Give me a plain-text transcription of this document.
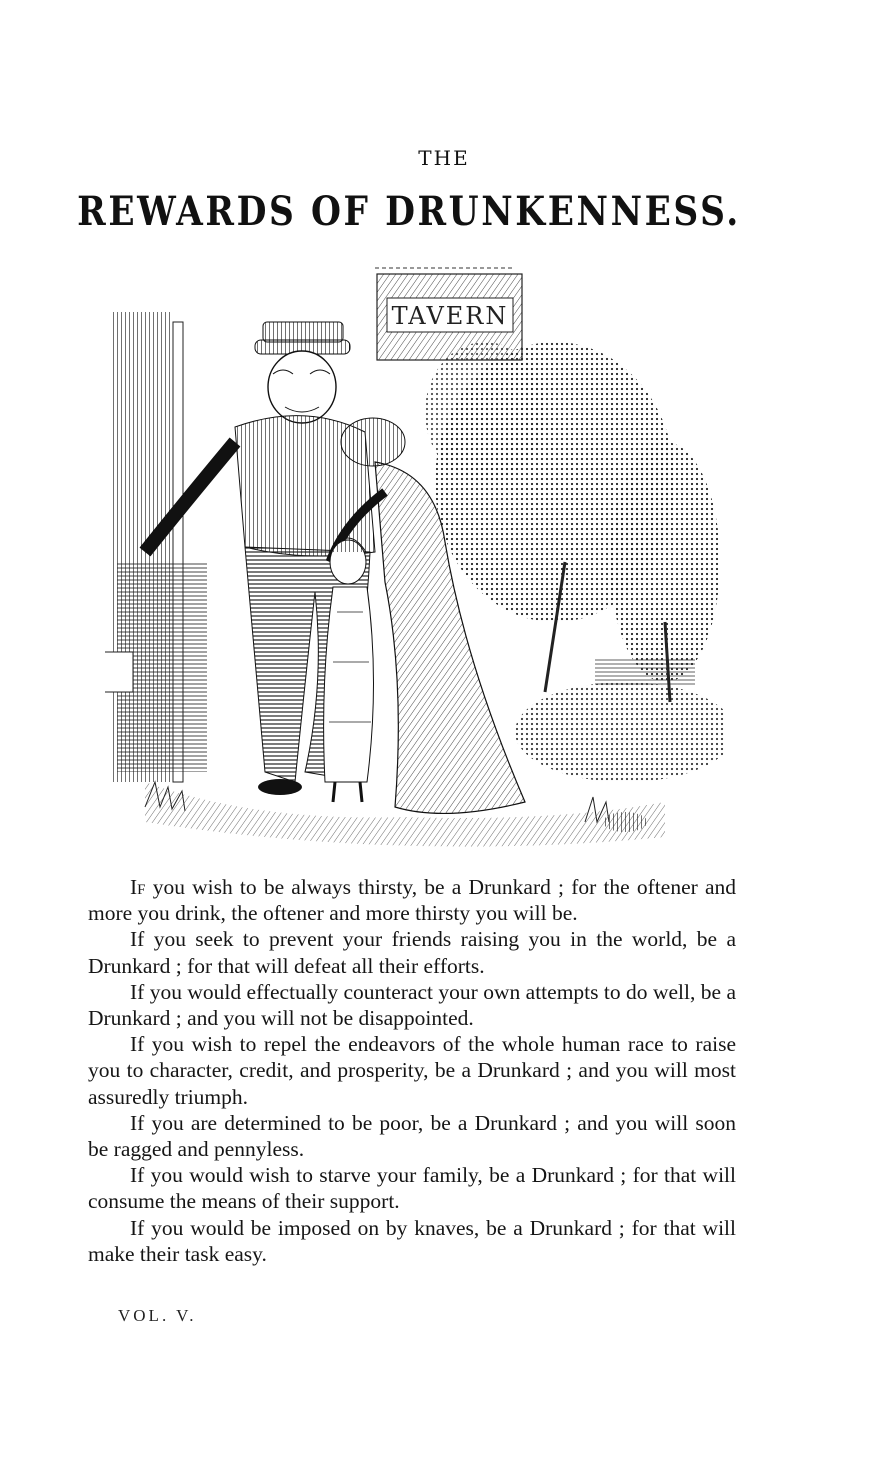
THE
REWARDS OF DRUNKENNESS.
TAVERN

If you wish to be always thirsty, be a Drunkard ; for the oftener and more you drink, the oftener and more thirsty you will be.

If you seek to prevent your friends raising you in the world, be a Drunkard ; for that will defeat all their efforts.

If you would effectually counteract your own attempts to do well, be a Drunkard ; and you will not be disappointed.

If you wish to repel the endeavors of the whole human race to raise you to character, credit, and prosperity, be a Drunkard ; and you will most assuredly triumph.

If you are determined to be poor, be a Drunkard ; and you will soon be ragged and pennyless.

If you would wish to starve your family, be a Drunkard ; for that will consume the means of their support.

If you would be imposed on by knaves, be a Drunkard ; for that will make their task easy.

VOL. V.
